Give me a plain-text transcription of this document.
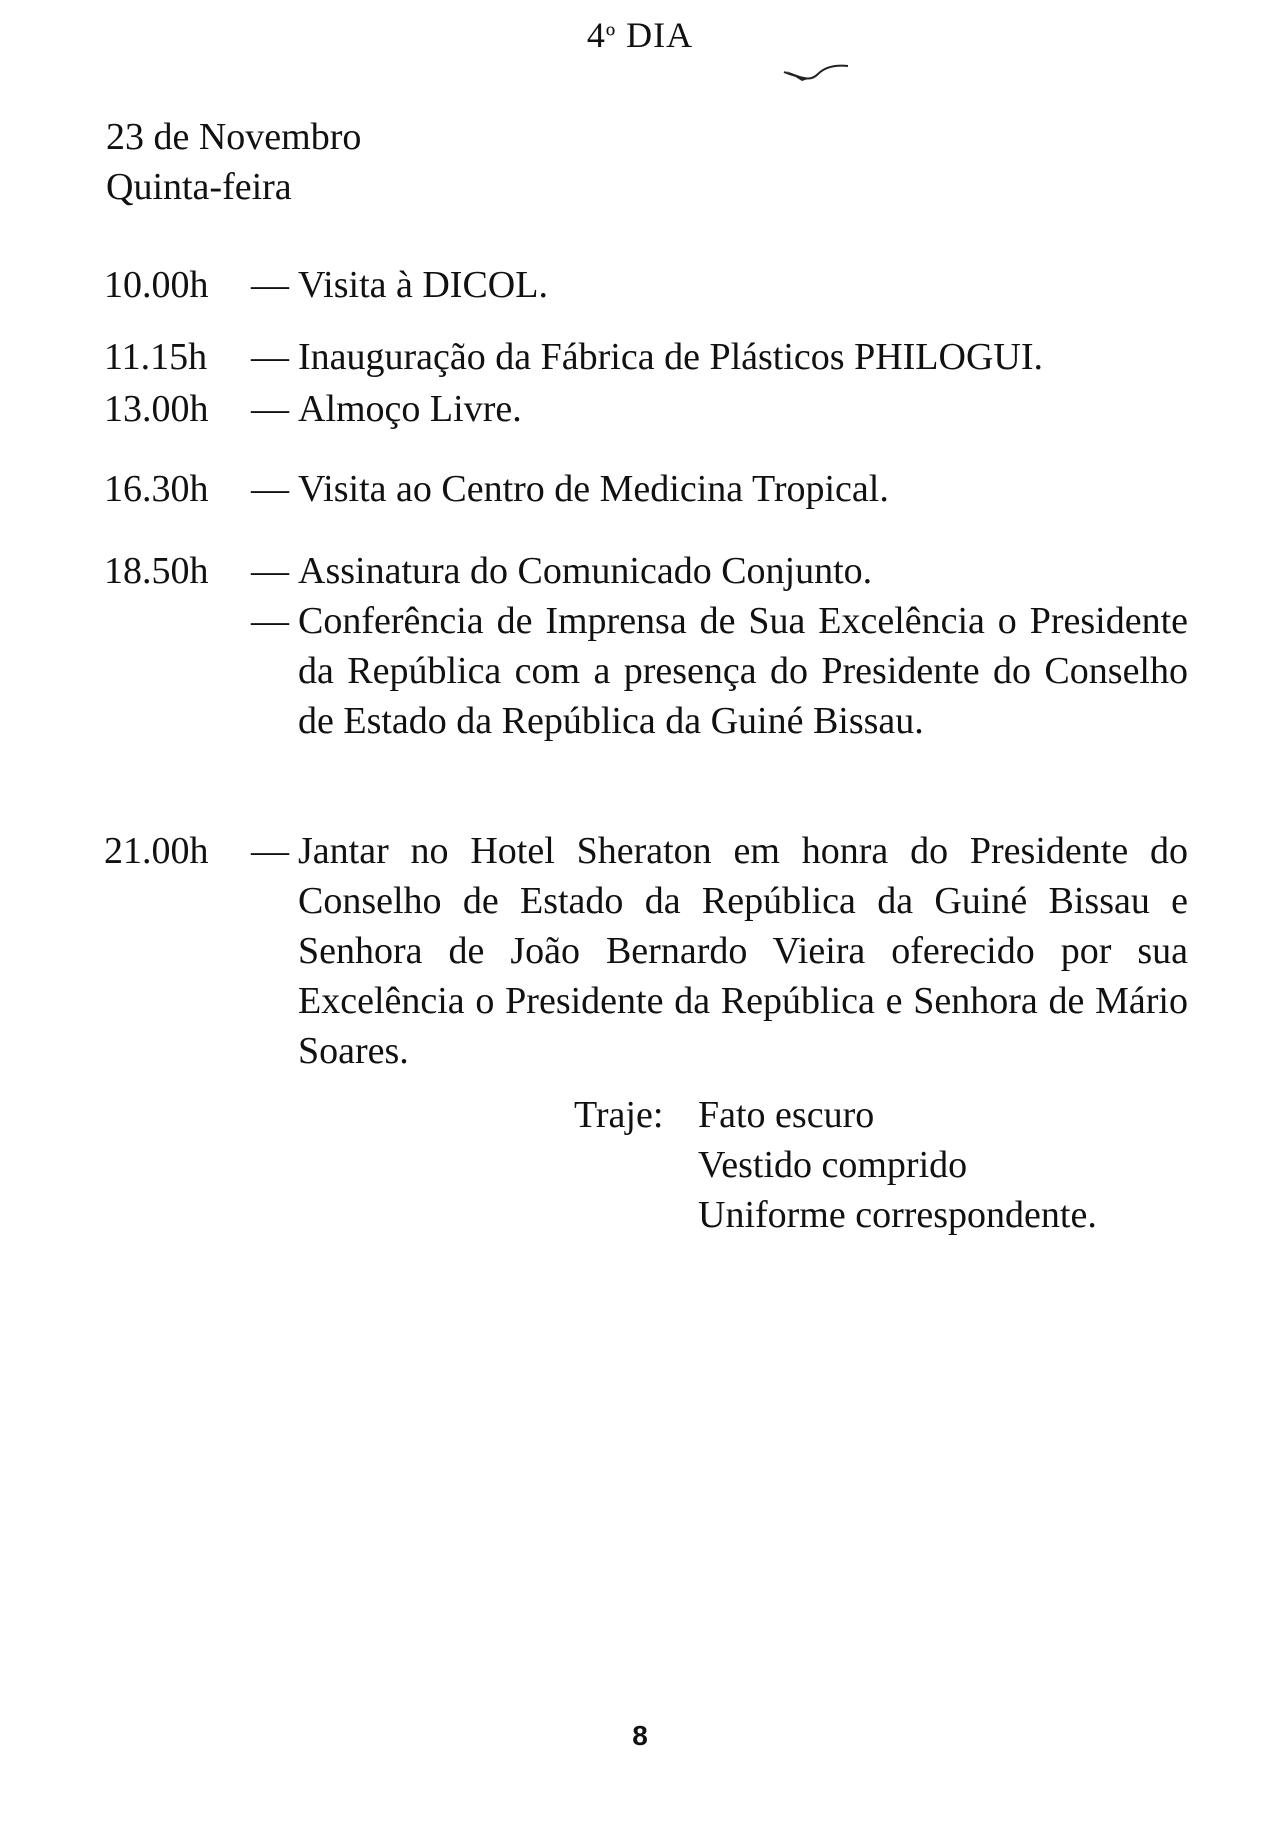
4º DIA
23 de Novembro
Quinta-feira
10.00h	— Visita à DICOL.
11.15h	— Inauguração da Fábrica de Plásticos PHILOGUI.
13.00h	— Almoço Livre.
16.30h	— Visita ao Centro de Medicina Tropical.
18.50h	— Assinatura do Comunicado Conjunto.
— Conferência de Imprensa de Sua Excelência o Presidente da República com a presença do Presidente do Conselho de Estado da República da Guiné Bissau.
21.00h	— Jantar no Hotel Sheraton em honra do Presidente do Conselho de Estado da República da Guiné Bissau e Senhora de João Bernardo Vieira oferecido por sua Excelência o Presidente da República e Senhora de Mário Soares.
Traje: Fato escuro
Vestido comprido
Uniforme correspondente.
8
